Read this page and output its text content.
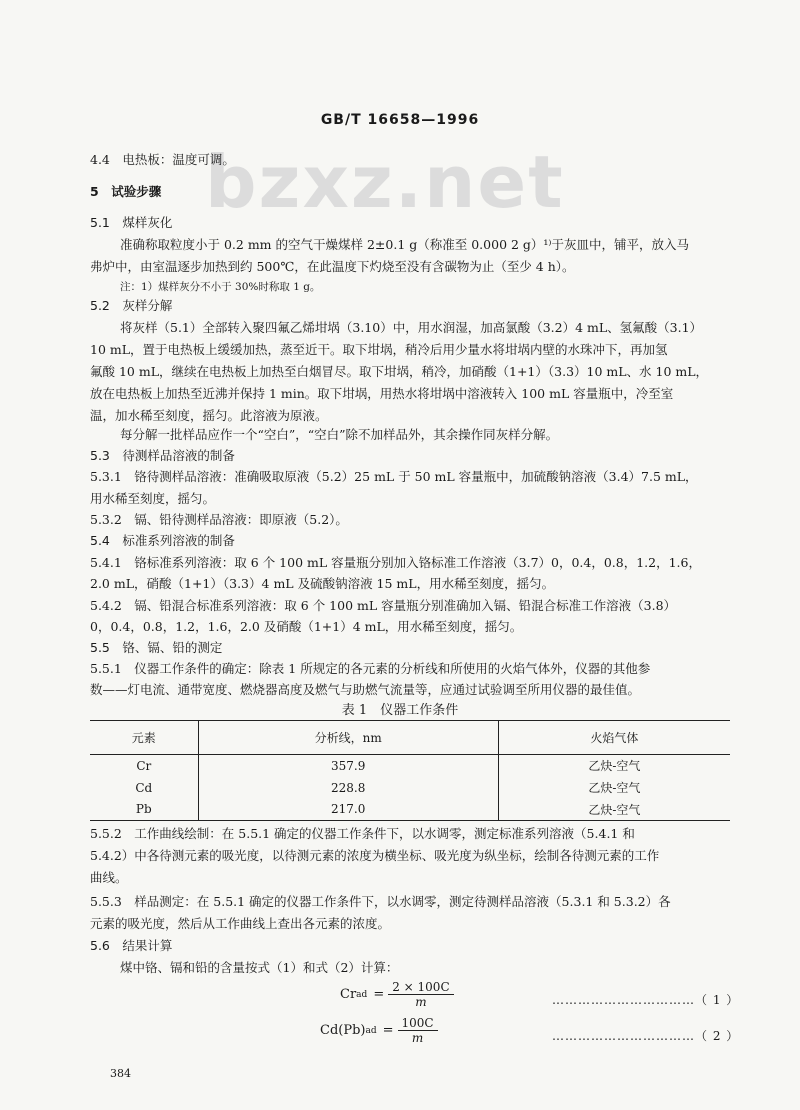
bzxz.net
GB/T 16658—1996
4.4　电热板：温度可调。
5　试验步骤
5.1　煤样灰化
准确称取粒度小于 0.2 mm 的空气干燥煤样 2±0.1 g（称准至 0.000 2 g）¹⁾于灰皿中，铺平，放入马
弗炉中，由室温逐步加热到约 500℃，在此温度下灼烧至没有含碳物为止（至少 4 h）。
注：1）煤样灰分不小于 30%时称取 1 g。
5.2　灰样分解
将灰样（5.1）全部转入聚四氟乙烯坩埚（3.10）中，用水润湿，加高氯酸（3.2）4 mL、氢氟酸（3.1）
10 mL，置于电热板上缓缓加热，蒸至近干。取下坩埚，稍冷后用少量水将坩埚内壁的水珠冲下，再加氢
氟酸 10 mL，继续在电热板上加热至白烟冒尽。取下坩埚，稍冷，加硝酸（1+1）（3.3）10 mL、水 10 mL，
放在电热板上加热至近沸并保持 1 min。取下坩埚，用热水将坩埚中溶液转入 100 mL 容量瓶中，冷至室
温，加水稀至刻度，摇匀。此溶液为原液。
每分解一批样品应作一个“空白”，“空白”除不加样品外，其余操作同灰样分解。
5.3　待测样品溶液的制备
5.3.1　铬待测样品溶液：准确吸取原液（5.2）25 mL 于 50 mL 容量瓶中，加硫酸钠溶液（3.4）7.5 mL，
用水稀至刻度，摇匀。
5.3.2　镉、铅待测样品溶液：即原液（5.2）。
5.4　标准系列溶液的制备
5.4.1　铬标准系列溶液：取 6 个 100 mL 容量瓶分别加入铬标准工作溶液（3.7）0，0.4，0.8，1.2，1.6，
2.0 mL，硝酸（1+1）（3.3）4 mL 及硫酸钠溶液 15 mL，用水稀至刻度，摇匀。
5.4.2　镉、铅混合标准系列溶液：取 6 个 100 mL 容量瓶分别准确加入镉、铅混合标准工作溶液（3.8）
0，0.4，0.8，1.2，1.6，2.0 及硝酸（1+1）4 mL，用水稀至刻度，摇匀。
5.5　铬、镉、铅的测定
5.5.1　仪器工作条件的确定：除表 1 所规定的各元素的分析线和所使用的火焰气体外，仪器的其他参
数——灯电流、通带宽度、燃烧器高度及燃气与助燃气流量等，应通过试验调至所用仪器的最佳值。
表 1　仪器工作条件
元素	分析线，nm	火焰气体
Cr	357.9	乙炔-空气
Cd	228.8	乙炔-空气
Pb	217.0	乙炔-空气
5.5.2　工作曲线绘制：在 5.5.1 确定的仪器工作条件下，以水调零，测定标准系列溶液（5.4.1 和
5.4.2）中各待测元素的吸光度，以待测元素的浓度为横坐标、吸光度为纵坐标，绘制各待测元素的工作
曲线。
5.5.3　样品测定：在 5.5.1 确定的仪器工作条件下，以水调零，测定待测样品溶液（5.3.1 和 5.3.2）各
元素的吸光度，然后从工作曲线上查出各元素的浓度。
5.6　结果计算
煤中铬、镉和铅的含量按式（1）和式（2）计算：
Cr ad = $\frac{2 \times 100C}{m}$	……………………………（ 1 ）
Cd(Pb) ad = $\frac{100C}{m}$	……………………………（ 2 ）
384
